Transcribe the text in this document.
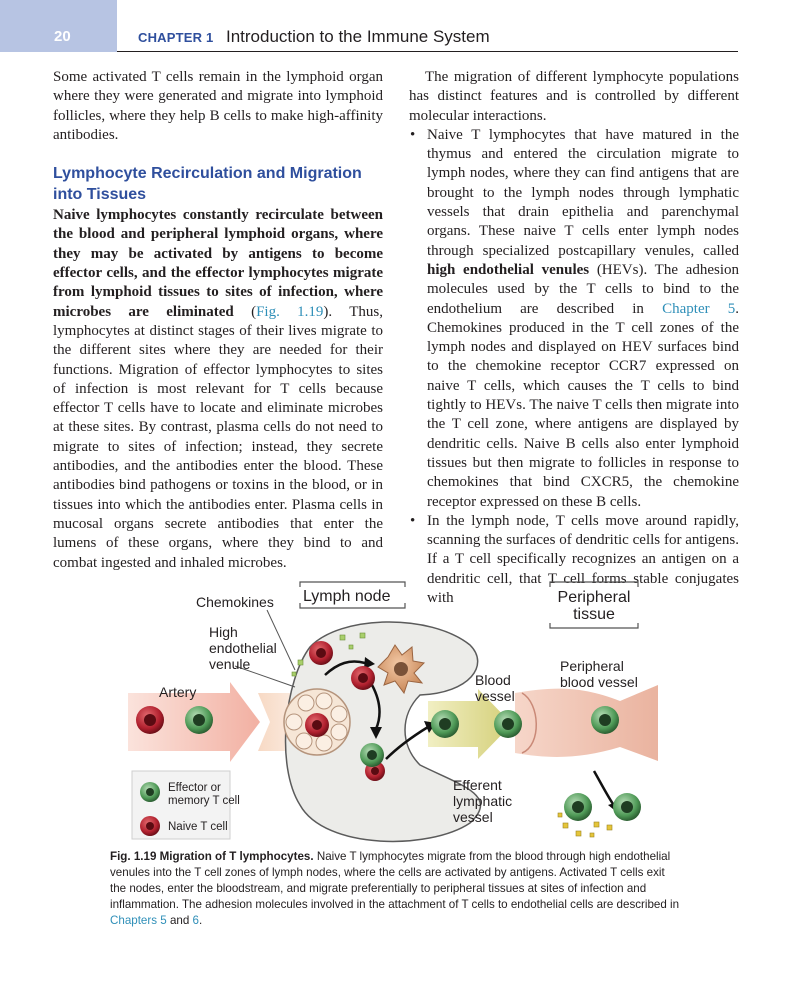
20	CHAPTER 1 Introduction to the Immune System

Some activated T cells remain in the lymphoid organ where they were generated and migrate into lymphoid follicles, where they help B cells to make high-affinity antibodies.

Lymphocyte Recirculation and Migration into Tissues

Naive lymphocytes constantly recirculate between the blood and peripheral lymphoid organs, where they may be activated by antigens to become effector cells, and the effector lymphocytes migrate from lymphoid tissues to sites of infection, where microbes are eliminated (Fig. 1.19). Thus, lymphocytes at distinct stages of their lives migrate to the different sites where they are needed for their functions. Migration of effector lymphocytes to sites of infection is most relevant for T cells because effector T cells have to locate and eliminate microbes at these sites. By contrast, plasma cells do not need to migrate to sites of infection; instead, they secrete antibodies, and the antibodies enter the blood. These antibodies bind pathogens or toxins in the blood, or in tissues into which the antibodies enter. Plasma cells in mucosal organs secrete antibodies that enter the lumens of these organs, where they bind to and combat ingested and inhaled microbes.

The migration of different lymphocyte populations has distinct features and is controlled by different molecular interactions.

• Naive T lymphocytes that have matured in the thymus and entered the circulation migrate to lymph nodes, where they can find antigens that are brought to the lymph nodes through lymphatic vessels that drain epithelia and parenchymal organs. These naive T cells enter lymph nodes through specialized postcapillary venules, called high endothelial venules (HEVs). The adhesion molecules used by the T cells to bind to the endothelium are described in Chapter 5. Chemokines produced in the T cell zones of the lymph nodes and displayed on HEV surfaces bind to the chemokine receptor CCR7 expressed on naive T cells, which causes the T cells to bind tightly to HEVs. The naive T cells then migrate into the T cell zone, where antigens are displayed by dendritic cells. Naive B cells also enter lymphoid tissues but then migrate to follicles in response to chemokines that bind CXCR5, the chemokine receptor expressed on these B cells.
• In the lymph node, T cells move around rapidly, scanning the surfaces of dendritic cells for antigens. If a T cell specifically recognizes an antigen on a dendritic cell, that T cell forms stable conjugates with
Chemokines Lymph node	Peripheral
tissue
High
endothelial
venule
Artery
Blood
vessel
Peripheral
blood vessel
Efferent
lymphatic
vessel
Effector or
memory T cell
Naive T cell
Fig. 1.19 Migration of T lymphocytes. Naive T lymphocytes migrate from the blood through high endothelial venules into the T cell zones of lymph nodes, where the cells are activated by antigens. Activated T cells exit the nodes, enter the bloodstream, and migrate preferentially to peripheral tissues at sites of infection and inflammation. The adhesion molecules involved in the attachment of T cells to endothelial cells are described in Chapters 5 and 6.
